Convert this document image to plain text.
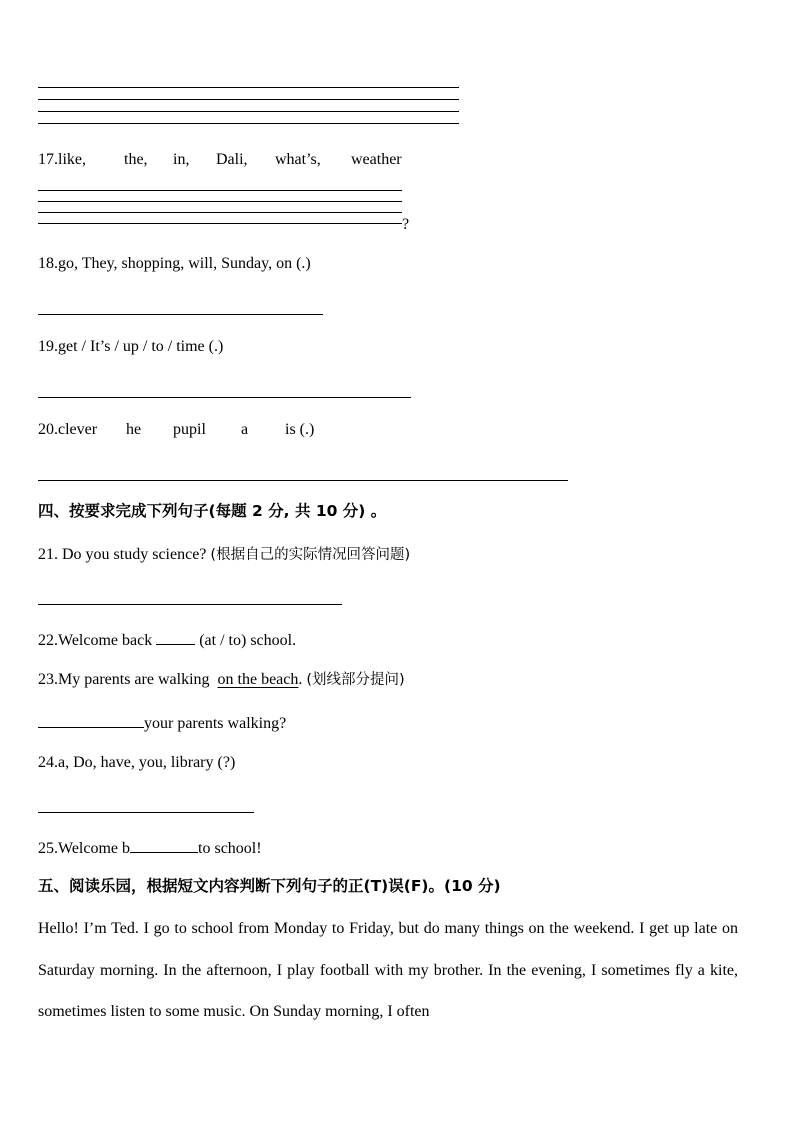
17.like, the, in, Dali, what’s, weather
?
18.go, They, shopping, will, Sunday, on (.)
19.get / It’s / up / to / time (.)
20.clever he pupil a is (.)
四、按要求完成下列句子(每题 2 分, 共 10 分) 。
21. Do you study science? (根据自己的实际情况回答问题)
22.Welcome back	(at / to) school.
23.My parents are walking  on the beach. (划线部分提问)
your parents walking?
24.a, Do, have, you, library (?)
25.Welcome b	to school!
五、阅读乐园，根据短文内容判断下列句子的正(T)误(F)。(10 分)
Hello! I’m Ted. I go to school from Monday to Friday, but do many things on the weekend. I get up late on Saturday morning. In the afternoon, I play football with my brother. In the evening, I sometimes fly a kite, sometimes listen to some music. On Sunday morning, I often
